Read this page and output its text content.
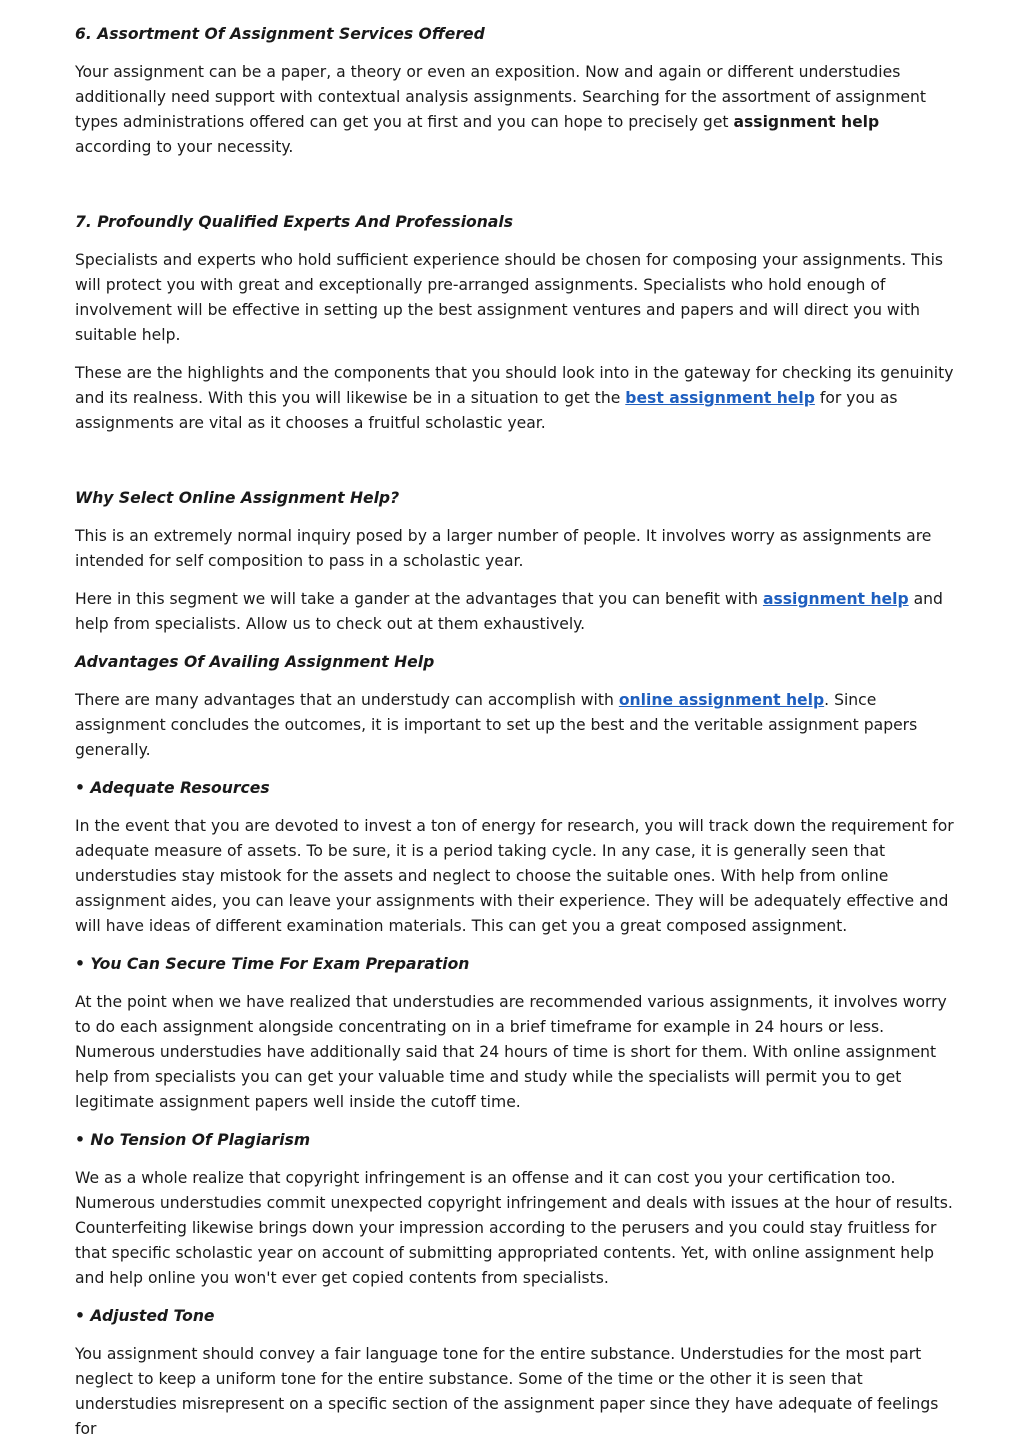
6. Assortment Of Assignment Services Offered

Your assignment can be a paper, a theory or even an exposition. Now and again or different understudies additionally need support with contextual analysis assignments. Searching for the assortment of assignment types administrations offered can get you at first and you can hope to precisely get assignment help according to your necessity.

7. Profoundly Qualified Experts And Professionals

Specialists and experts who hold sufficient experience should be chosen for composing your assignments. This will protect you with great and exceptionally pre-arranged assignments. Specialists who hold enough of involvement will be effective in setting up the best assignment ventures and papers and will direct you with suitable help.

These are the highlights and the components that you should look into in the gateway for checking its genuinity and its realness. With this you will likewise be in a situation to get the best assignment help for you as assignments are vital as it chooses a fruitful scholastic year.

Why Select Online Assignment Help?

This is an extremely normal inquiry posed by a larger number of people. It involves worry as assignments are intended for self composition to pass in a scholastic year.

Here in this segment we will take a gander at the advantages that you can benefit with assignment help and help from specialists. Allow us to check out at them exhaustively.

Advantages Of Availing Assignment Help

There are many advantages that an understudy can accomplish with online assignment help. Since assignment concludes the outcomes, it is important to set up the best and the veritable assignment papers generally.

• Adequate Resources

In the event that you are devoted to invest a ton of energy for research, you will track down the requirement for adequate measure of assets. To be sure, it is a period taking cycle. In any case, it is generally seen that understudies stay mistook for the assets and neglect to choose the suitable ones. With help from online assignment aides, you can leave your assignments with their experience. They will be adequately effective and will have ideas of different examination materials. This can get you a great composed assignment.

• You Can Secure Time For Exam Preparation

At the point when we have realized that understudies are recommended various assignments, it involves worry to do each assignment alongside concentrating on in a brief timeframe for example in 24 hours or less. Numerous understudies have additionally said that 24 hours of time is short for them. With online assignment help from specialists you can get your valuable time and study while the specialists will permit you to get legitimate assignment papers well inside the cutoff time.

• No Tension Of Plagiarism

We as a whole realize that copyright infringement is an offense and it can cost you your certification too. Numerous understudies commit unexpected copyright infringement and deals with issues at the hour of results. Counterfeiting likewise brings down your impression according to the perusers and you could stay fruitless for that specific scholastic year on account of submitting appropriated contents. Yet, with online assignment help and help online you won't ever get copied contents from specialists.

• Adjusted Tone

You assignment should convey a fair language tone for the entire substance. Understudies for the most part neglect to keep a uniform tone for the entire substance. Some of the time or the other it is seen that understudies misrepresent on a specific section of the assignment paper since they have adequate of feelings for
